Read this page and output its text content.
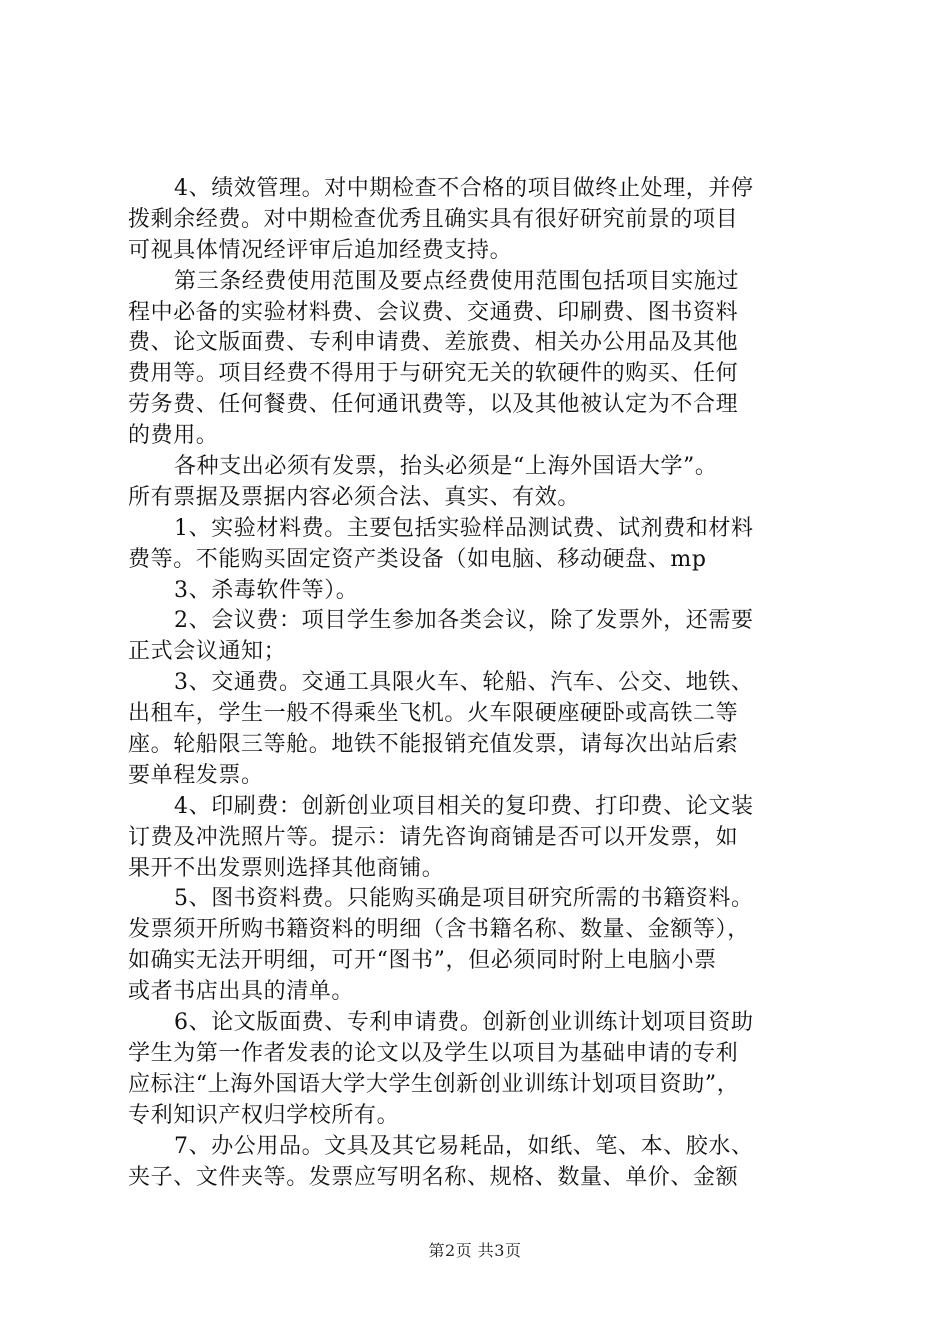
4、绩效管理。对中期检查不合格的项目做终止处理，并停
拨剩余经费。对中期检查优秀且确实具有很好研究前景的项目
可视具体情况经评审后追加经费支持。
第三条经费使用范围及要点经费使用范围包括项目实施过
程中必备的实验材料费、会议费、交通费、印刷费、图书资料
费、论文版面费、专利申请费、差旅费、相关办公用品及其他
费用等。项目经费不得用于与研究无关的软硬件的购买、任何
劳务费、任何餐费、任何通讯费等，以及其他被认定为不合理
的费用。
各种支出必须有发票，抬头必须是“上海外国语大学”。
所有票据及票据内容必须合法、真实、有效。
1、实验材料费。主要包括实验样品测试费、试剂费和材料
费等。不能购买固定资产类设备（如电脑、移动硬盘、mp
3、杀毒软件等）。
2、会议费：项目学生参加各类会议，除了发票外，还需要
正式会议通知；
3、交通费。交通工具限火车、轮船、汽车、公交、地铁、
出租车，学生一般不得乘坐飞机。火车限硬座硬卧或高铁二等
座。轮船限三等舱。地铁不能报销充值发票，请每次出站后索
要单程发票。
4、印刷费：创新创业项目相关的复印费、打印费、论文装
订费及冲洗照片等。提示：请先咨询商铺是否可以开发票，如
果开不出发票则选择其他商铺。
5、图书资料费。只能购买确是项目研究所需的书籍资料。
发票须开所购书籍资料的明细（含书籍名称、数量、金额等），
如确实无法开明细，可开“图书”，但必须同时附上电脑小票
或者书店出具的清单。
6、论文版面费、专利申请费。创新创业训练计划项目资助
学生为第一作者发表的论文以及学生以项目为基础申请的专利
应标注“上海外国语大学大学生创新创业训练计划项目资助”，
专利知识产权归学校所有。
7、办公用品。文具及其它易耗品，如纸、笔、本、胶水、
夹子、文件夹等。发票应写明名称、规格、数量、单价、金额
第2页 共3页
